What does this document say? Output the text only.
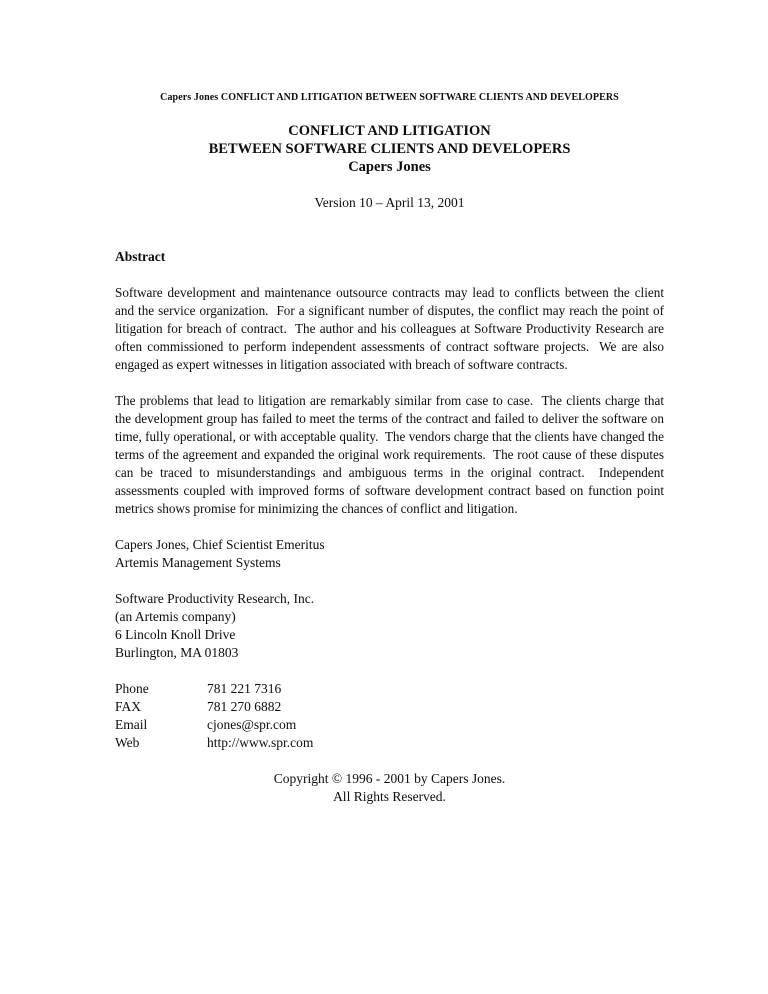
Capers Jones CONFLICT AND LITIGATION BETWEEN SOFTWARE CLIENTS AND DEVELOPERS
CONFLICT AND LITIGATION
BETWEEN SOFTWARE CLIENTS AND DEVELOPERS
Capers Jones
Version 10 – April 13, 2001
Abstract

Software development and maintenance outsource contracts may lead to conflicts between the client and the service organization.  For a significant number of disputes, the conflict may reach the point of litigation for breach of contract.  The author and his colleagues at Software Productivity Research are often commissioned to perform independent assessments of contract software projects.  We are also engaged as expert witnesses in litigation associated with breach of software contracts.

The problems that lead to litigation are remarkably similar from case to case.  The clients charge that the development group has failed to meet the terms of the contract and failed to deliver the software on time, fully operational, or with acceptable quality.  The vendors charge that the clients have changed the terms of the agreement and expanded the original work requirements.  The root cause of these disputes can be traced to misunderstandings and ambiguous terms in the original contract.  Independent assessments coupled with improved forms of software development contract based on function point metrics shows promise for minimizing the chances of conflict and litigation.

Capers Jones, Chief Scientist Emeritus
Artemis Management Systems
Software Productivity Research, Inc.
(an Artemis company)
6 Lincoln Knoll Drive
Burlington, MA 01803
Phone	781 221 7316
FAX	781 270 6882
Email	cjones@spr.com
Web	http://www.spr.com
Copyright © 1996 - 2001 by Capers Jones.
All Rights Reserved.
